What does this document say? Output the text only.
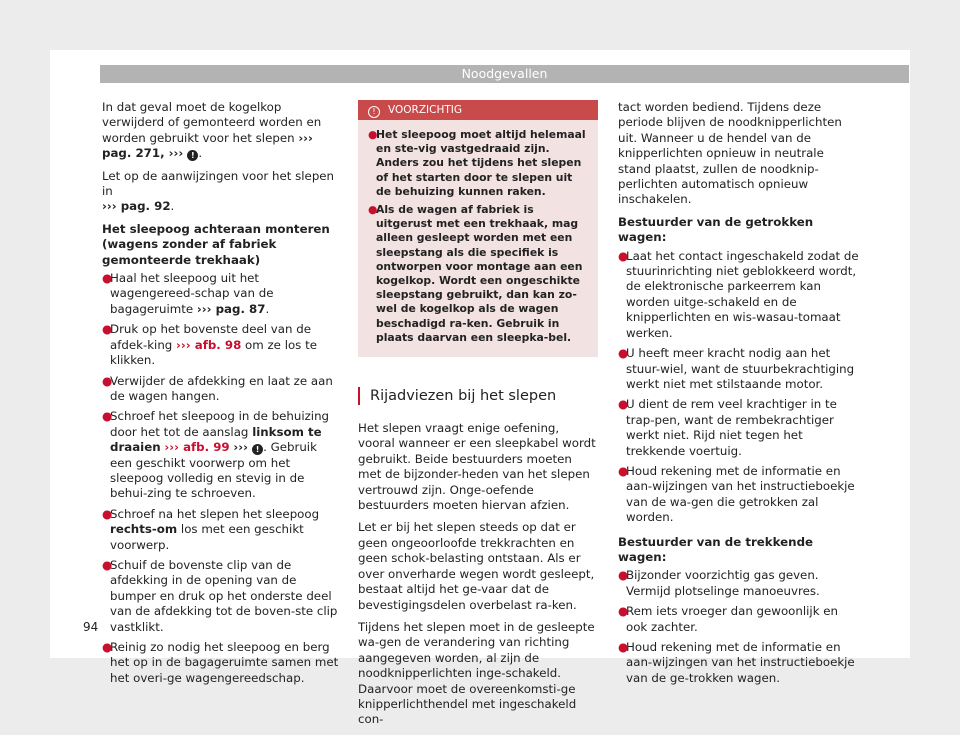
Noodgevallen

In dat geval moet de kogelkop verwijderd of gemonteerd worden en worden gebruikt voor het slepen ››› pag. 271, ››› ! .

Let op de aanwijzingen voor het slepen in
››› pag. 92.

Het sleepoog achteraan monteren (wagens zonder af fabriek gemonteerde trekhaak)

●
Haal het sleepoog uit het wagengereed-schap van de bagageruimte ››› pag. 87.
●
Druk op het bovenste deel van de afdek-king ››› afb. 98 om ze los te klikken.
●
Verwijder de afdekking en laat ze aan de wagen hangen.
●
Schroef het sleepoog in de behuizing door het tot de aanslag linksom te draaien ››› afb. 99 ››› ! . Gebruik een geschikt voorwerp om het sleepoog volledig en stevig in de behui-zing te schroeven.
●
Schroef na het slepen het sleepoog rechts-om los met een geschikt voorwerp.
●
Schuif de bovenste clip van de afdekking in de opening van de bumper en druk op het onderste deel van de afdekking tot de boven-ste clip vastklikt.
●
Reinig zo nodig het sleepoog en berg het op in de bagageruimte samen met het overi-ge wagengereedschap.
! VOORZICHTIG
●
Het sleepoog moet altijd helemaal en ste-vig vastgedraaid zijn. Anders zou het tijdens het slepen of het starten door te slepen uit de behuizing kunnen raken.
●
Als de wagen af fabriek is uitgerust met een trekhaak, mag alleen gesleept worden met een sleepstang als die specifiek is ontworpen voor montage aan een kogelkop. Wordt een ongeschikte sleepstang gebruikt, dan kan zo-wel de kogelkop als de wagen beschadigd ra-ken. Gebruik in plaats daarvan een sleepka-bel.
Rijadviezen bij het slepen

Het slepen vraagt enige oefening, vooral wanneer er een sleepkabel wordt gebruikt. Beide bestuurders moeten met de bijzonder-heden van het slepen vertrouwd zijn. Onge-oefende bestuurders moeten hiervan afzien.

Let er bij het slepen steeds op dat er geen ongeoorloofde trekkrachten en geen schok-belasting ontstaan. Als er over onverharde wegen wordt gesleept, bestaat altijd het ge-vaar dat de bevestigingsdelen overbelast ra-ken.

Tijdens het slepen moet in de gesleepte wa-gen de verandering van richting aangegeven worden, al zijn de noodknipperlichten inge-schakeld. Daarvoor moet de overeenkomsti-ge knipperlichthendel met ingeschakeld con-

tact worden bediend. Tijdens deze periode blijven de noodknipperlichten uit. Wanneer u de hendel van de knipperlichten opnieuw in neutrale stand plaatst, zullen de noodknip-perlichten automatisch opnieuw inschakelen.

Bestuurder van de getrokken wagen:

●
Laat het contact ingeschakeld zodat de stuurinrichting niet geblokkeerd wordt, de elektronische parkeerrem kan worden uitge-schakeld en de knipperlichten en wis-wasau-tomaat werken.
●
U heeft meer kracht nodig aan het stuur-wiel, want de stuurbekrachtiging werkt niet met stilstaande motor.
●
U dient de rem veel krachtiger in te trap-pen, want de rembekrachtiger werkt niet. Rijd niet tegen het trekkende voertuig.
●
Houd rekening met de informatie en aan-wijzingen van het instructieboekje van de wa-gen die getrokken zal worden.

Bestuurder van de trekkende wagen:

●
Bijzonder voorzichtig gas geven. Vermijd plotselinge manoeuvres.
●
Rem iets vroeger dan gewoonlijk en ook zachter.
●
Houd rekening met de informatie en aan-wijzingen van het instructieboekje van de ge-trokken wagen.
94
